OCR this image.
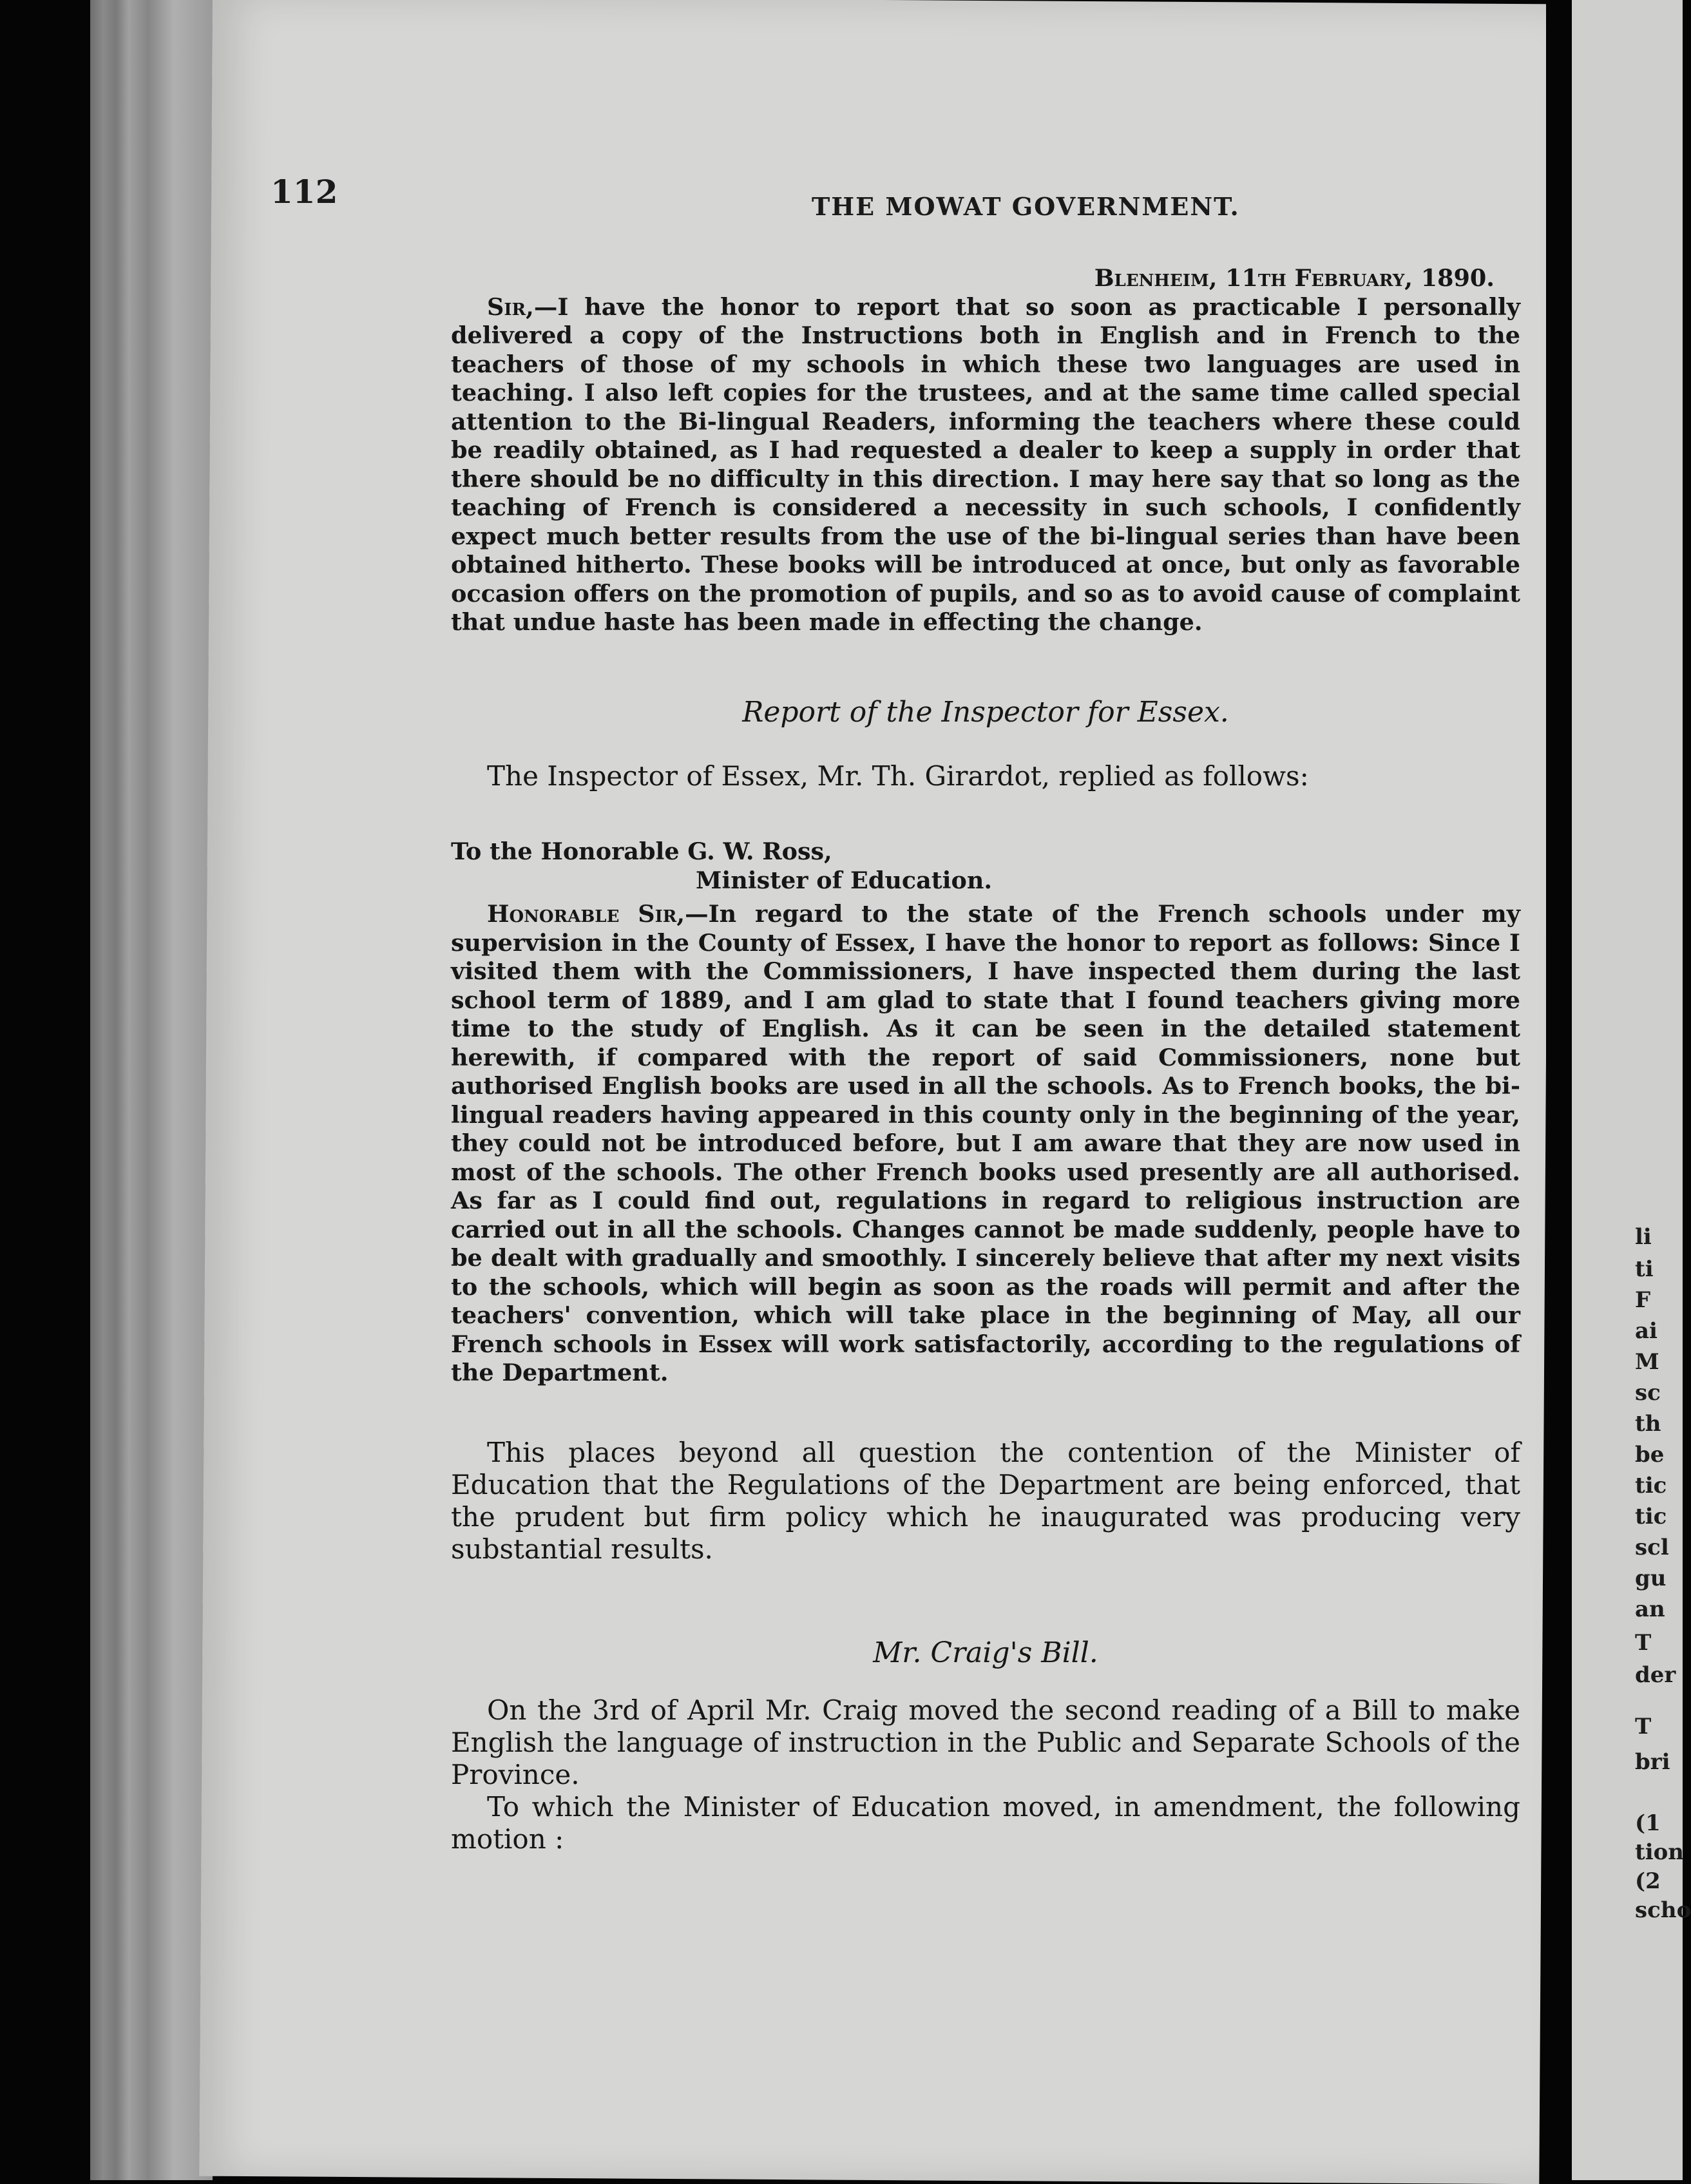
112	THE MOWAT GOVERNMENT.
Blenheim, 11th February, 1890.

Sir,—I have the honor to report that so soon as practicable I personally delivered a copy of the Instructions both in English and in French to the teachers of those of my schools in which these two languages are used in teaching. I also left copies for the trustees, and at the same time called special attention to the Bi-lingual Readers, informing the teachers where these could be readily obtained, as I had requested a dealer to keep a supply in order that there should be no difficulty in this direction. I may here say that so long as the teaching of French is considered a necessity in such schools, I confidently expect much better results from the use of the bi-lingual series than have been obtained hitherto. These books will be introduced at once, but only as favorable occasion offers on the promotion of pupils, and so as to avoid cause of complaint that undue haste has been made in effecting the change.

Report of the Inspector for Essex.

The Inspector of Essex, Mr. Th. Girardot, replied as follows:

To the Honorable G. W. Ross,

Minister of Education.

Honorable Sir,—In regard to the state of the French schools under my supervision in the County of Essex, I have the honor to report as follows: Since I visited them with the Commissioners, I have inspected them during the last school term of 1889, and I am glad to state that I found teachers giving more time to the study of English. As it can be seen in the detailed statement herewith, if compared with the report of said Commissioners, none but authorised English books are used in all the schools. As to French books, the bi-lingual readers having appeared in this county only in the beginning of the year, they could not be introduced before, but I am aware that they are now used in most of the schools. The other French books used presently are all authorised. As far as I could find out, regulations in regard to religious instruction are carried out in all the schools. Changes cannot be made suddenly, people have to be dealt with gradually and smoothly. I sincerely believe that after my next visits to the schools, which will begin as soon as the roads will permit and after the teachers' convention, which will take place in the beginning of May, all our French schools in Essex will work satisfactorily, according to the regulations of the Department.

This places beyond all question the contention of the Minister of Education that the Regulations of the Department are being enforced, that the prudent but firm policy which he inaugurated was producing very substantial results.

Mr. Craig's Bill.

On the 3rd of April Mr. Craig moved the second reading of a Bill to make English the language of instruction in the Public and Separate Schools of the Province.

To which the Minister of Education moved, in amendment, the following motion :

li
ti
F
ai
M
sc
th
be
tic
tic
scl
gu
an
T
der
T
bri
(1
tion
(2
scho
